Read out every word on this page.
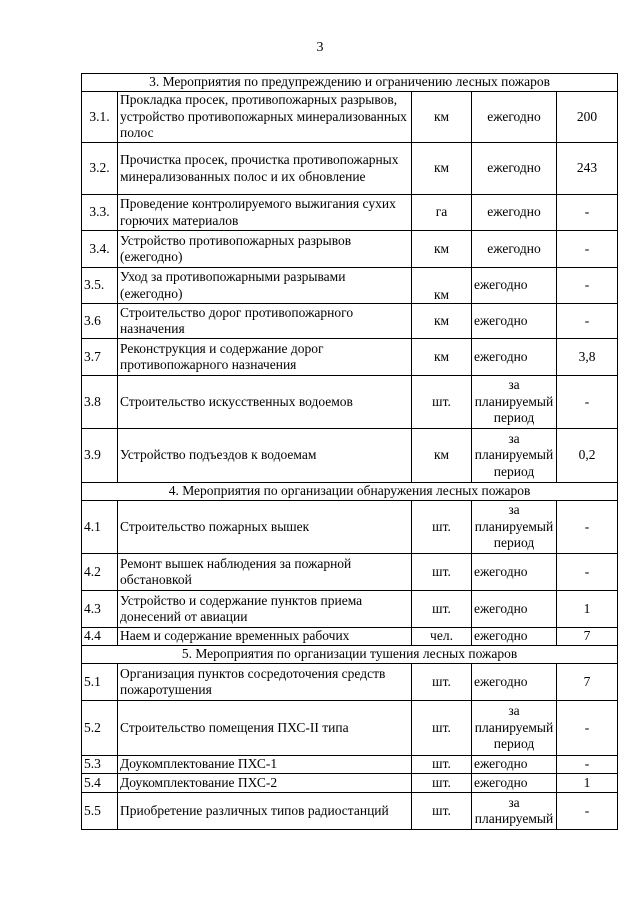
3
3. Мероприятия по предупреждению и ограничению лесных пожаров				
3.1.	Прокладка просек, противопожарных разрывов, устройство противопожарных минерализованных полос	км	ежегодно	200
3.2.	Прочистка просек, прочистка противопожарных минерализованных полос и их обновление	км	ежегодно	243
3.3.	Проведение контролируемого выжигания сухих горючих материалов	га	ежегодно	-
3.4.	Устройство противопожарных разрывов (ежегодно)	км	ежегодно	-
3.5.	Уход за противопожарными разрывами (ежегодно)	км	ежегодно	-
3.6	Строительство дорог противопожарного назначения	км	ежегодно	-
3.7	Реконструкция и содержание дорог противопожарного назначения	км	ежегодно	3,8
3.8	Строительство искусственных водоемов	шт.	за планируемый период	-
3.9	Устройство подъездов к водоемам	км	за планируемый период	0,2
4. Мероприятия по организации обнаружения лесных пожаров				
4.1	Строительство пожарных вышек	шт.	за планируемый период	-
4.2	Ремонт вышек наблюдения за пожарной обстановкой	шт.	ежегодно	-
4.3	Устройство и содержание пунктов приема донесений от авиации	шт.	ежегодно	1
4.4	Наем и содержание временных рабочих	чел.	ежегодно	7
5. Мероприятия по организации тушения лесных пожаров				
5.1	Организация пунктов сосредоточения средств пожаротушения	шт.	ежегодно	7
5.2	Строительство помещения ПХС-II типа	шт.	за планируемый период	-
5.3	Доукомплектование ПХС-1	шт.	ежегодно	-
5.4	Доукомплектование ПХС-2	шт.	ежегодно	1
5.5	Приобретение различных типов радиостанций	шт.	за планируемый	-
